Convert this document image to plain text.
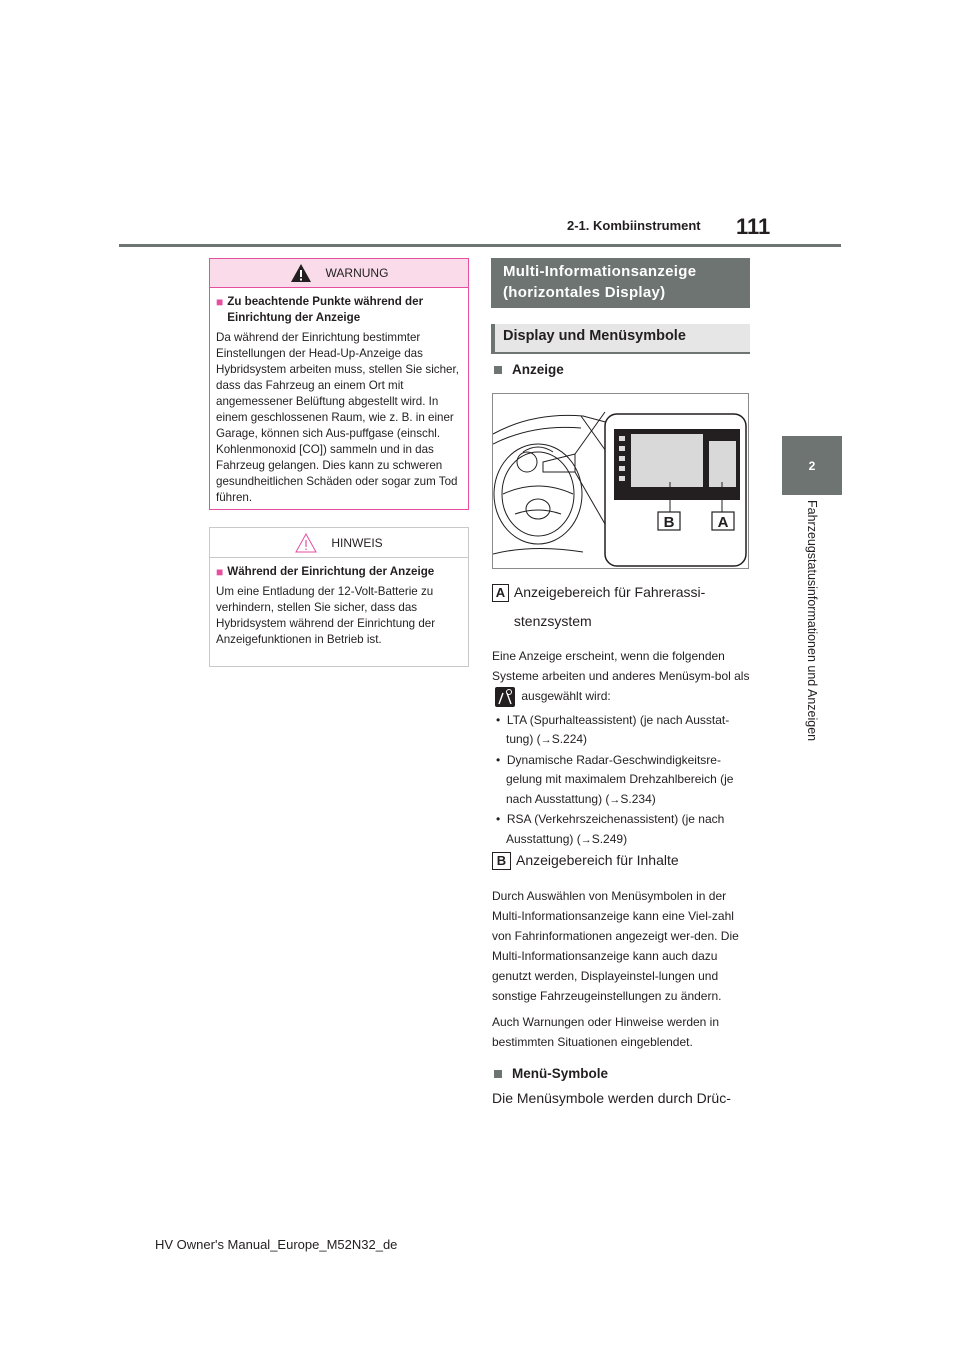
2-1. Kombiinstrument 111
2
Fahrzeugstatusinformationen und Anzeigen
WARNUNG
■ Zu beachtende Punkte während der Einrichtung der Anzeige

Da während der Einrichtung bestimmter Einstellungen der Head-Up-Anzeige das Hybridsystem arbeiten muss, stellen Sie sicher, dass das Fahrzeug an einem Ort mit angemessener Belüftung abgestellt wird. In einem geschlossenen Raum, wie z. B. in einer Garage, können sich Aus-puffgase (einschl. Kohlenmonoxid [CO]) sammeln und in das Fahrzeug gelangen. Dies kann zu schweren gesundheitlichen Schäden oder sogar zum Tod führen.

HINWEIS
■ Während der Einrichtung der Anzeige

Um eine Entladung der 12-Volt-Batterie zu verhindern, stellen Sie sicher, dass das Hybridsystem während der Einrichtung der Anzeigefunktionen in Betrieb ist.

Multi-Informationsanzeige (horizontales Display)
Display und Menüsymbole
Anzeige
B	A
A Anzeigebereich für Fahrerassi-stenzsystem

Eine Anzeige erscheint, wenn die folgenden Systeme arbeiten und anderes Menüsym-bol als  ausgewählt wird:

•  LTA (Spurhalteassistent) (je nach Ausstat-tung) (→S.224)

•  Dynamische Radar-Geschwindigkeitsre-gelung mit maximalem Drehzahlbereich (je nach Ausstattung) (→S.234)

•  RSA (Verkehrszeichenassistent) (je nach Ausstattung) (→S.249)

B Anzeigebereich für Inhalte

Durch Auswählen von Menüsymbolen in der Multi-Informationsanzeige kann eine Viel-zahl von Fahrinformationen angezeigt wer-den. Die Multi-Informationsanzeige kann auch dazu genutzt werden, Displayeinstel-lungen und sonstige Fahrzeugeinstellungen zu ändern.

Auch Warnungen oder Hinweise werden in bestimmten Situationen eingeblendet.

Menü-Symbole
Die Menüsymbole werden durch Drüc-
HV Owner's Manual_Europe_M52N32_de
